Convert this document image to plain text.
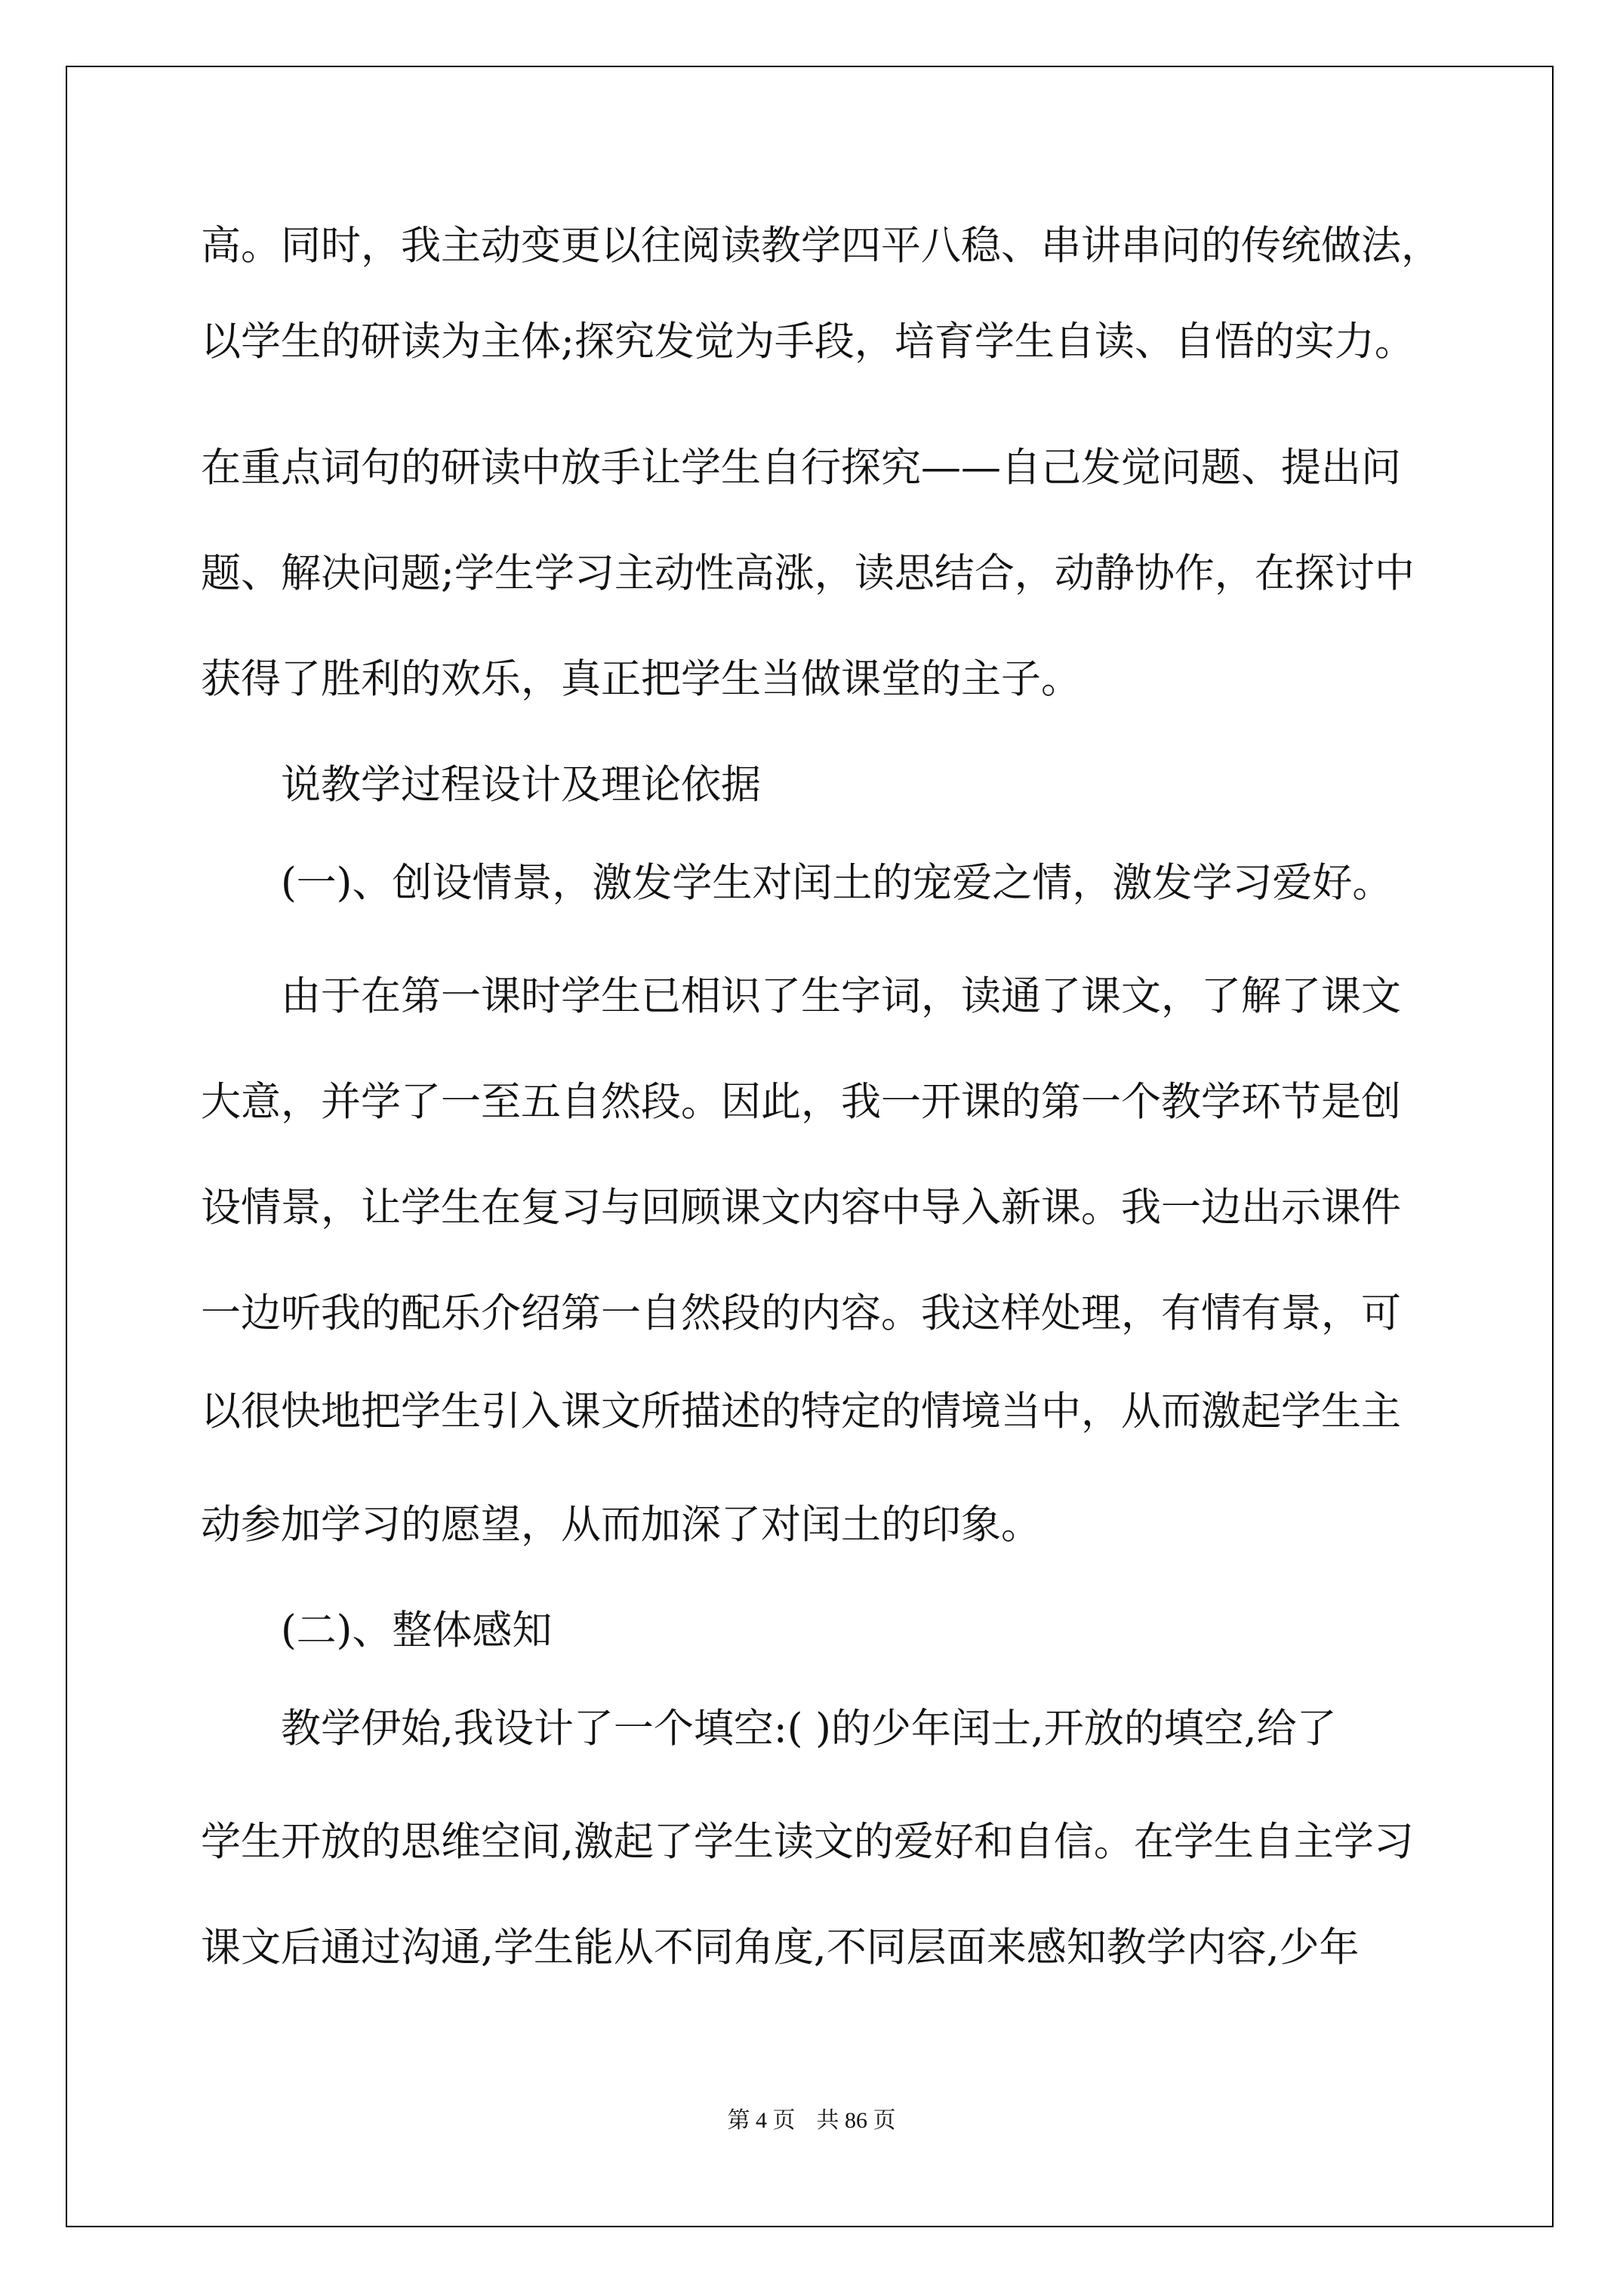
高。同时，我主动变更以往阅读教学四平八稳、串讲串问的传统做法，
以学生的研读为主体;探究发觉为手段，培育学生自读、自悟的实力。
在重点词句的研读中放手让学生自行探究——自己发觉问题、提出问
题、解决问题;学生学习主动性高涨，读思结合，动静协作，在探讨中
获得了胜利的欢乐，真正把学生当做课堂的主子。
说教学过程设计及理论依据
(一)、创设情景，激发学生对闰土的宠爱之情，激发学习爱好。
由于在第一课时学生已相识了生字词，读通了课文，了解了课文
大意，并学了一至五自然段。因此，我一开课的第一个教学环节是创
设情景，让学生在复习与回顾课文内容中导入新课。我一边出示课件
一边听我的配乐介绍第一自然段的内容。我这样处理，有情有景，可
以很快地把学生引入课文所描述的特定的情境当中，从而激起学生主
动参加学习的愿望，从而加深了对闰土的印象。
(二)、整体感知
教学伊始,我设计了一个填空:( )的少年闰士,开放的填空,给了
学生开放的思维空间,激起了学生读文的爱好和自信。在学生自主学习
课文后通过沟通,学生能从不同角度,不同层面来感知教学内容,少年
第 4 页 共 86 页
